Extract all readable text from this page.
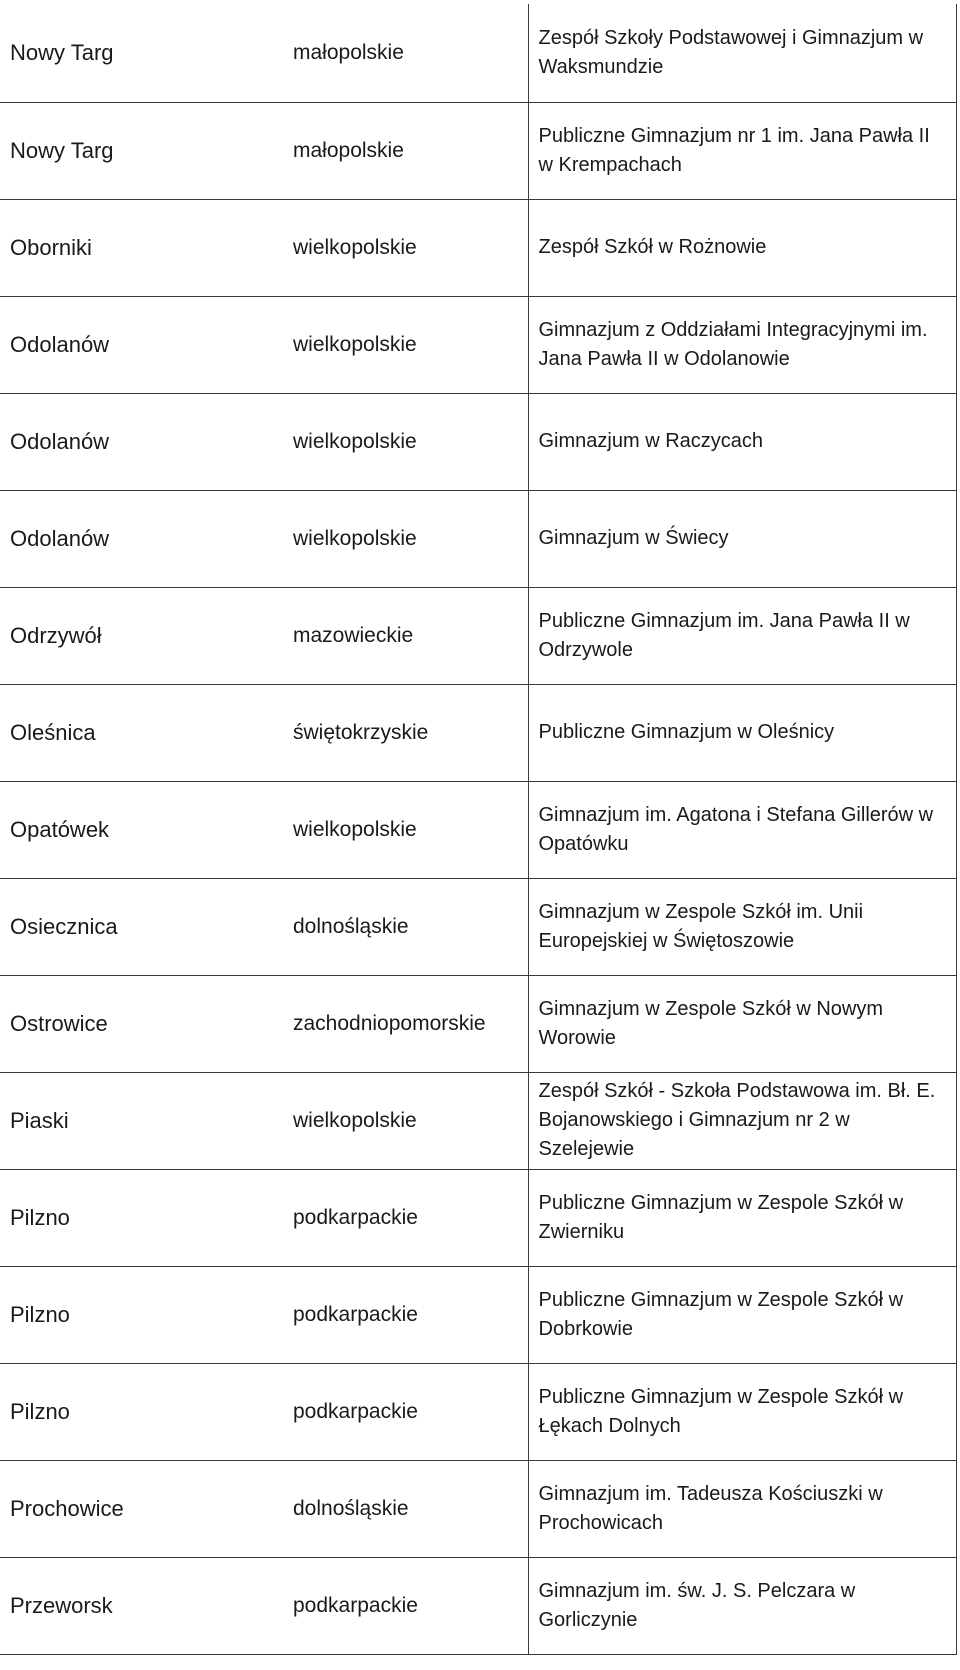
Nowy Targ	małopolskie	Zespół Szkoły Podstawowej i Gimnazjum w Waksmundzie

Nowy Targ	małopolskie	Publiczne Gimnazjum nr 1 im. Jana Pawła II w Krempachach

Oborniki	wielkopolskie	Zespół Szkół w Rożnowie

Odolanów	wielkopolskie	Gimnazjum z Oddziałami Integracyjnymi im. Jana Pawła II w Odolanowie

Odolanów	wielkopolskie	Gimnazjum w Raczycach

Odolanów	wielkopolskie	Gimnazjum w Świecy

Odrzywół	mazowieckie	Publiczne Gimnazjum im. Jana Pawła II w Odrzywole

Oleśnica	świętokrzyskie	Publiczne Gimnazjum w Oleśnicy

Opatówek	wielkopolskie	Gimnazjum im. Agatona i Stefana Gillerów w Opatówku

Osiecznica	dolnośląskie	Gimnazjum w Zespole Szkół im. Unii Europejskiej w Świętoszowie

Ostrowice	zachodniopomorskie	Gimnazjum w Zespole Szkół w Nowym Worowie

Piaski	wielkopolskie	Zespół Szkół - Szkoła Podstawowa im. Bł. E. Bojanowskiego i Gimnazjum nr 2 w Szelejewie

Pilzno	podkarpackie	Publiczne Gimnazjum w Zespole Szkół w Zwierniku

Pilzno	podkarpackie	Publiczne Gimnazjum w Zespole Szkół w Dobrkowie

Pilzno	podkarpackie	Publiczne Gimnazjum w Zespole Szkół w Łękach Dolnych

Prochowice	dolnośląskie	Gimnazjum im. Tadeusza Kościuszki w Prochowicach

Przeworsk	podkarpackie	Gimnazjum im. św. J. S. Pelczara w Gorliczynie
